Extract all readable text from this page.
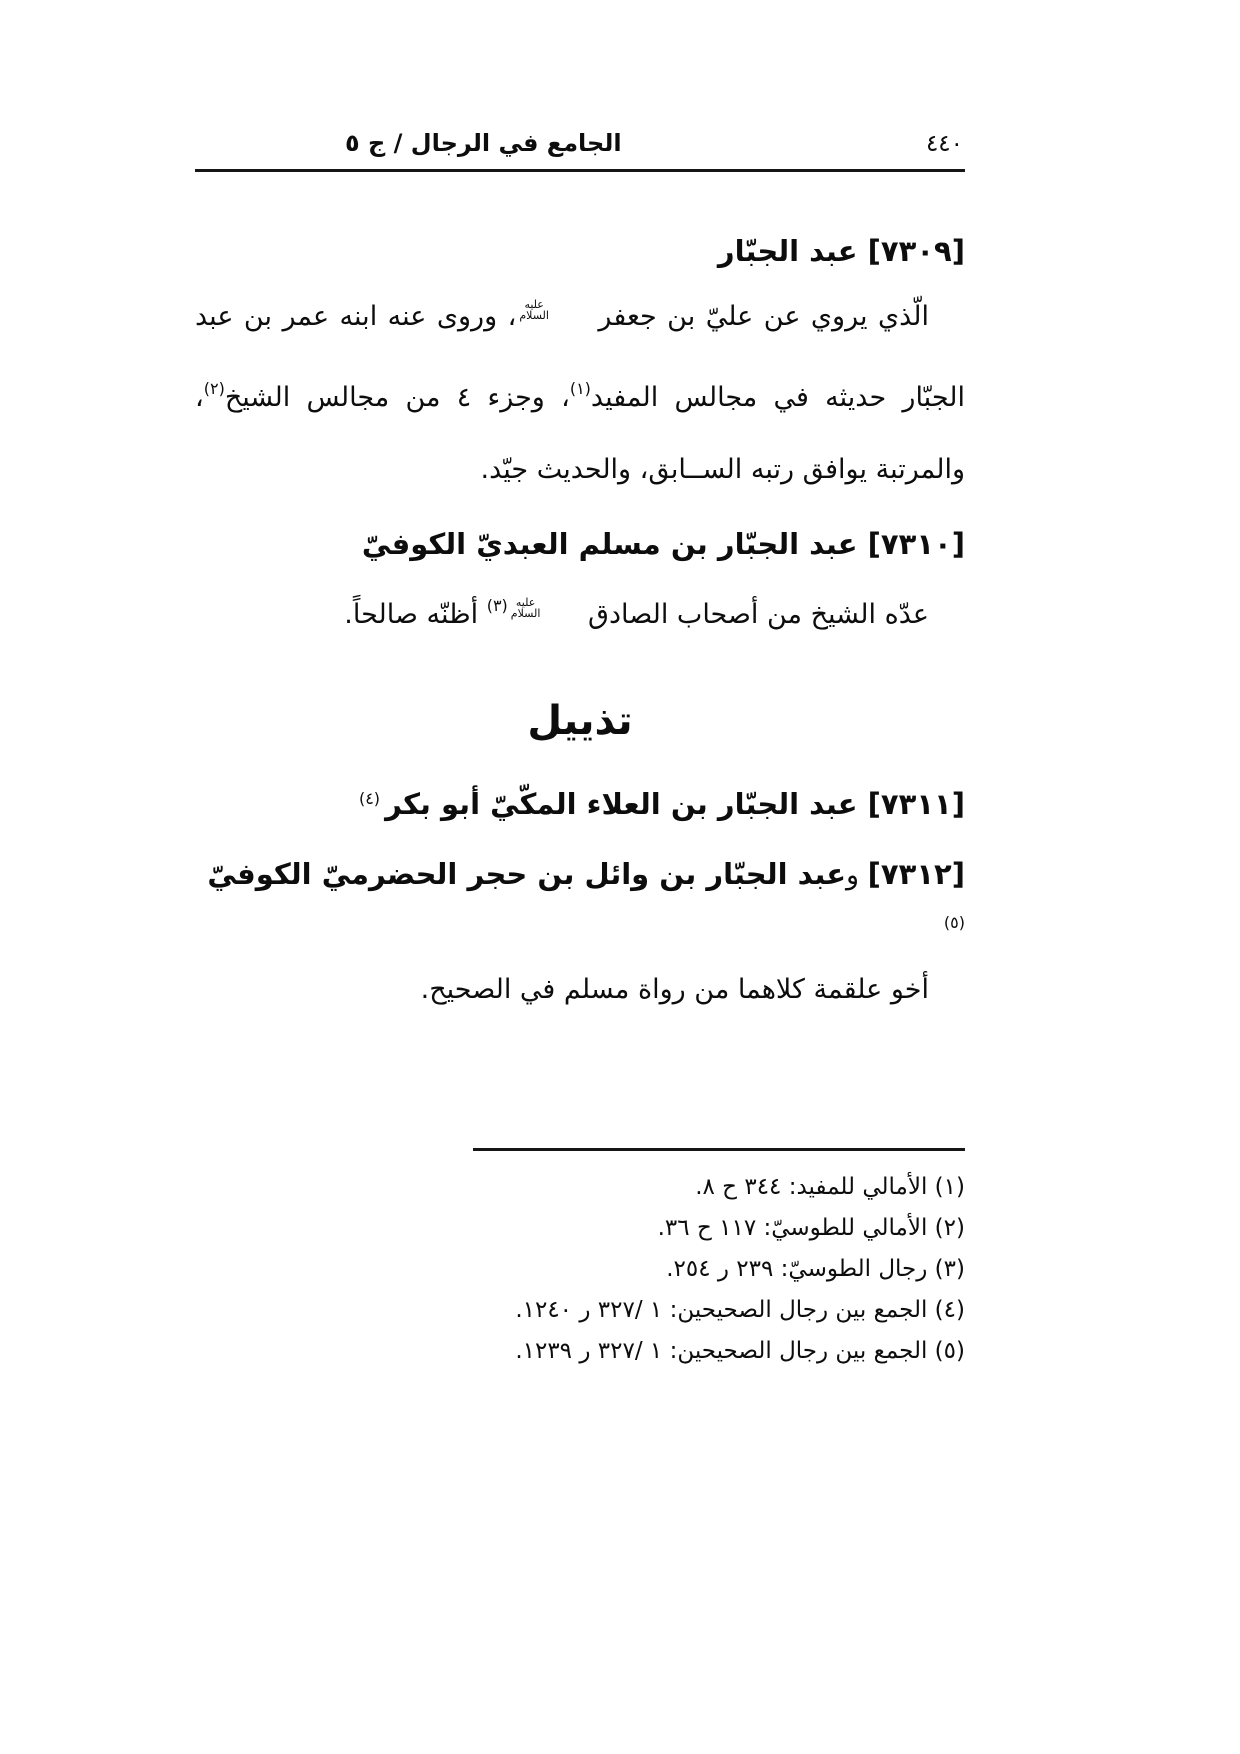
الجامع في الرجال / ج ٥	٤٤٠
[٧٣٠٩] عبد الجبّار

الّذي يروي عن عليّ بن جعفر
عليه
السلام
، وروى عنه ابنه عمر بن عبد الجبّار حديثه في مجالس المفيد$^{(١)}$، وجزء ٤ من مجالس الشيخ$^{(٢)}$، والمرتبة يوافق رتبه الســابق، والحديث جيّد.

[٧٣١٠] عبد الجبّار بن مسلم العبديّ الكوفيّ

عدّه الشيخ من أصحاب الصادق
عليه
السلام
$^{(٣)}$ أظنّه صالحاً.

تذييل
[٧٣١١] عبد الجبّار بن العلاء المكّيّ أبو بكر $^{(٤)}$
[٧٣١٢] وعبد الجبّار بن وائل بن حجر الحضرميّ الكوفيّ $^{(٥)}$

أخو علقمة كلاهما من رواة مسلم في الصحيح.

(١) الأمالي للمفيد: ٣٤٤ ح ٨.
(٢) الأمالي للطوسيّ: ١١٧ ح ٣٦.
(٣) رجال الطوسيّ: ٢٣٩ ر ٢٥٤.
(٤) الجمع بين رجال الصحيحين: ١ ‏/‏٣٢٧ ر ١٢٤٠.
(٥) الجمع بين رجال الصحيحين: ١ ‏/‏٣٢٧ ر ١٢٣٩.
